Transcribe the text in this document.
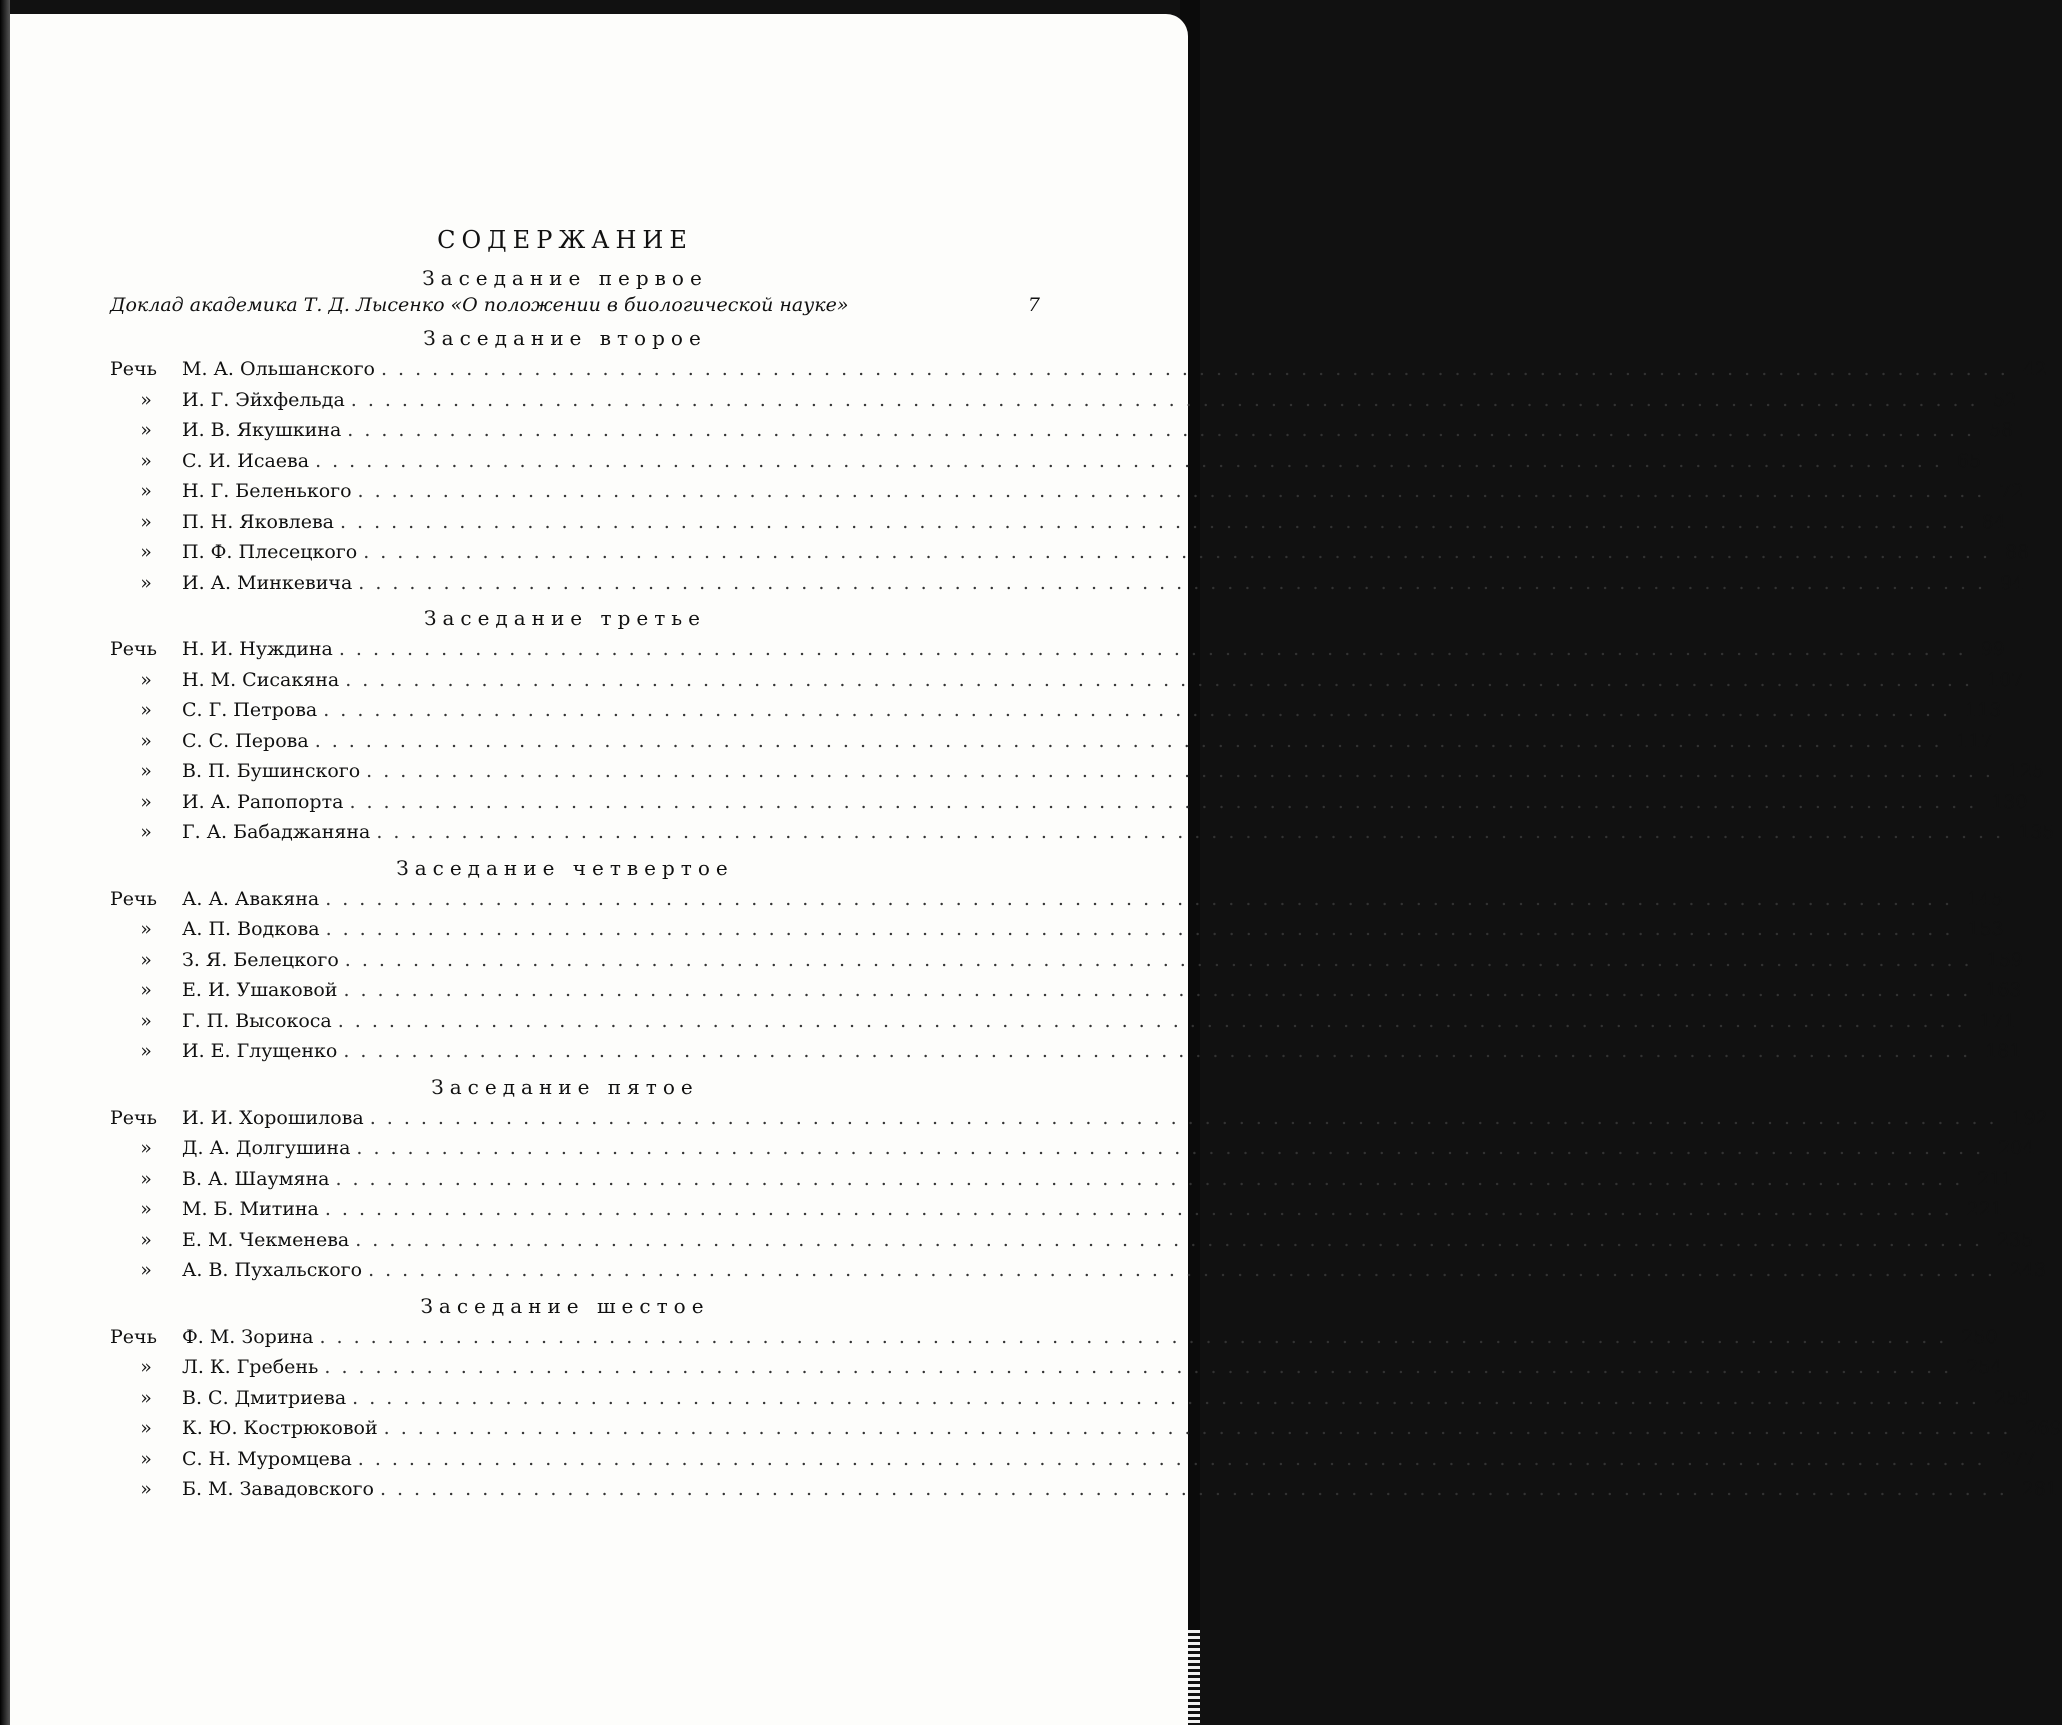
СОДЕРЖАНИЕ
Заседание первое
Доклад академика Т. Д. Лысенко «О положении в биологической науке»	7
Заседание второе
Речь	М. А. Ольшанского ................................................................................................ 42
»	И. Г. Эйхфельда ................................................................................................ 52
»	И. В. Якушкина ................................................................................................ 58
»	С. И. Исаева ................................................................................................ 65
»	Н. Г. Беленького ................................................................................................ 72
»	П. Н. Яковлева ................................................................................................ 84
»	П. Ф. Плесецкого ................................................................................................ 88
»	И. А. Минкевича ................................................................................................ 94
Заседание третье
Речь	Н. И. Нуждина ................................................................................................ 99
»	Н. М. Сисакяна ................................................................................................ 107
»	С. Г. Петрова ................................................................................................ 113
»	С. С. Перова ................................................................................................ 117
»	В. П. Бушинского ................................................................................................ 125
»	И. А. Рапопорта ................................................................................................ 130
»	Г. А. Бабаджаняна ................................................................................................ 135
Заседание четвертое
Речь	А. А. Авакяна ................................................................................................ 145
»	А. П. Водкова ................................................................................................ 153
»	З. Я. Белецкого ................................................................................................ 159
»	Е. И. Ушаковой ................................................................................................ 163
»	Г. П. Высокоса ................................................................................................ 171
»	И. Е. Глущенко ................................................................................................ 181
Заседание пятое
Речь	И. И. Хорошилова ................................................................................................ 192
»	Д. А. Долгушина ................................................................................................ 204
»	В. А. Шаумяна ................................................................................................ 211
»	М. Б. Митина ................................................................................................ 221
»	Е. М. Чекменева ................................................................................................ 235
»	А. В. Пухальского ................................................................................................ 243
Заседание шестое
Речь	Ф. М. Зорина ................................................................................................ 250
»	Л. К. Гребень ................................................................................................ 254
»	В. С. Дмитриева ................................................................................................ 259
»	К. Ю. Кострюковой ................................................................................................ 269
»	С. Н. Муромцева ................................................................................................ 277
»	Б. М. Завадовского ................................................................................................ 281
